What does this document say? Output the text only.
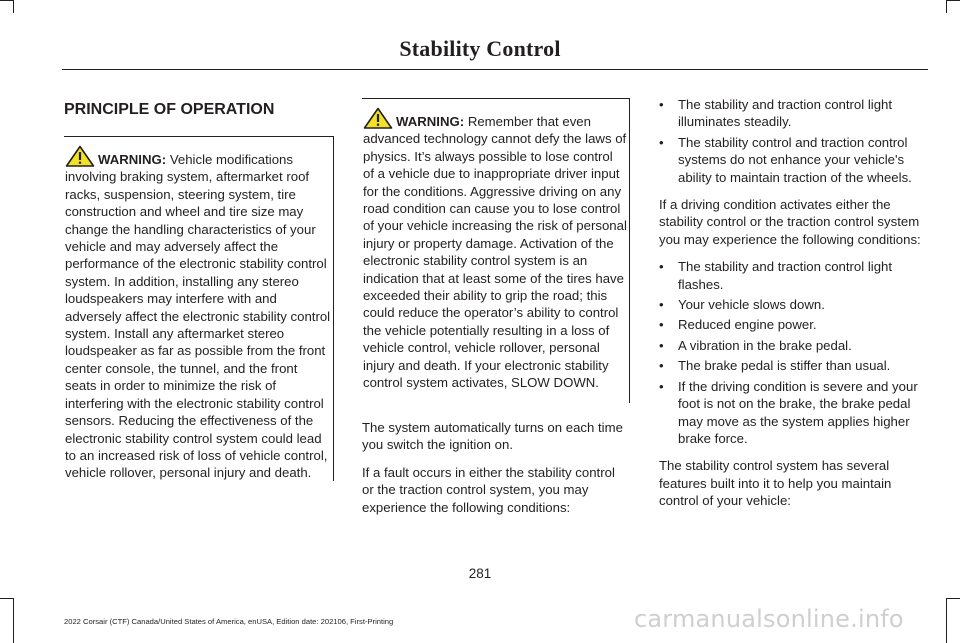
Stability Control
PRINCIPLE OF OPERATION
WARNING: Vehicle modifications involving braking system, aftermarket roof racks, suspension, steering system, tire construction and wheel and tire size may change the handling characteristics of your vehicle and may adversely affect the performance of the electronic stability control system. In addition, installing any stereo loudspeakers may interfere with and adversely affect the electronic stability control system. Install any aftermarket stereo loudspeaker as far as possible from the front center console, the tunnel, and the front seats in order to minimize the risk of interfering with the electronic stability control sensors. Reducing the effectiveness of the electronic stability control system could lead to an increased risk of loss of vehicle control, vehicle rollover, personal injury and death.
WARNING: Remember that even advanced technology cannot defy the laws of physics. It’s always possible to lose control of a vehicle due to inappropriate driver input for the conditions. Aggressive driving on any road condition can cause you to lose control of your vehicle increasing the risk of personal injury or property damage. Activation of the electronic stability control system is an indication that at least some of the tires have exceeded their ability to grip the road; this could reduce the operator’s ability to control the vehicle potentially resulting in a loss of vehicle control, vehicle rollover, personal injury and death. If your electronic stability control system activates, SLOW DOWN.

The system automatically turns on each time you switch the ignition on.

If a fault occurs in either the stability control or the traction control system, you may experience the following conditions:

• The stability and traction control light illuminates steadily.
• The stability control and traction control systems do not enhance your vehicle's ability to maintain traction of the wheels.

If a driving condition activates either the stability control or the traction control system you may experience the following conditions:

• The stability and traction control light flashes.
• Your vehicle slows down.
• Reduced engine power.
• A vibration in the brake pedal.
• The brake pedal is stiffer than usual.
• If the driving condition is severe and your foot is not on the brake, the brake pedal may move as the system applies higher brake force.

The stability control system has several features built into it to help you maintain control of your vehicle:

281
2022 Corsair (CTF) Canada/United States of America, enUSA, Edition date: 202106, First-Printing	carmanualsonline.info
